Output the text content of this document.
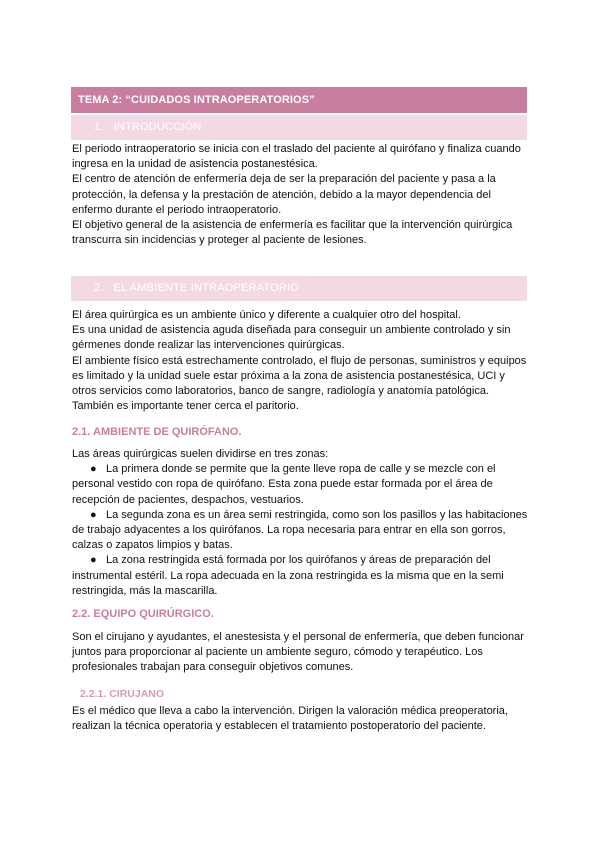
TEMA 2: “CUIDADOS INTRAOPERATORIOS”
1. INTRODUCCIÓN

El periodo intraoperatorio se inicia con el traslado del paciente al quirófano y finaliza cuando ingresa en la unidad de asistencia postanestésica.

El centro de atención de enfermería deja de ser la preparación del paciente y pasa a la protección, la defensa y la prestación de atención, debido a la mayor dependencia del enfermo durante el periodo intraoperatorio.

El objetivo general de la asistencia de enfermería es facilitar que la intervención quirúrgica transcurra sin incidencias y proteger al paciente de lesiones.

2. EL AMBIENTE INTRAOPERATORIO

El área quirúrgica es un ambiente único y diferente a cualquier otro del hospital.

Es una unidad de asistencia aguda diseñada para conseguir un ambiente controlado y sin gérmenes donde realizar las intervenciones quirúrgicas.

El ambiente físico está estrechamente controlado, el flujo de personas, suministros y equipos es limitado y la unidad suele estar próxima a la zona de asistencia postanestésica, UCI y otros servicios como laboratorios, banco de sangre, radiología y anatomía patológica. También es importante tener cerca el paritorio.

2.1. AMBIENTE DE QUIRÓFANO.

Las áreas quirúrgicas suelen dividirse en tres zonas:

● La primera donde se permite que la gente lleve ropa de calle y se mezcle con el personal vestido con ropa de quirófano. Esta zona puede estar formada por el área de recepción de pacientes, despachos, vestuarios.

● La segunda zona es un área semi restringida, como son los pasillos y las habitaciones de trabajo adyacentes a los quirófanos. La ropa necesaria para entrar en ella son gorros, calzas o zapatos limpios y batas.

● La zona restringida está formada por los quirófanos y áreas de preparación del instrumental estéril. La ropa adecuada en la zona restringida es la misma que en la semi restringida, más la mascarilla.

2.2. EQUIPO QUIRÚRGICO.

Son el cirujano y ayudantes, el anestesista y el personal de enfermería, que deben funcionar juntos para proporcionar al paciente un ambiente seguro, cómodo y terapéutico. Los profesionales trabajan para conseguir objetivos comunes.

2.2.1. CIRUJANO

Es el médico que lleva a cabo la intervención. Dirigen la valoración médica preoperatoria, realizan la técnica operatoria y establecen el tratamiento postoperatorio del paciente.
